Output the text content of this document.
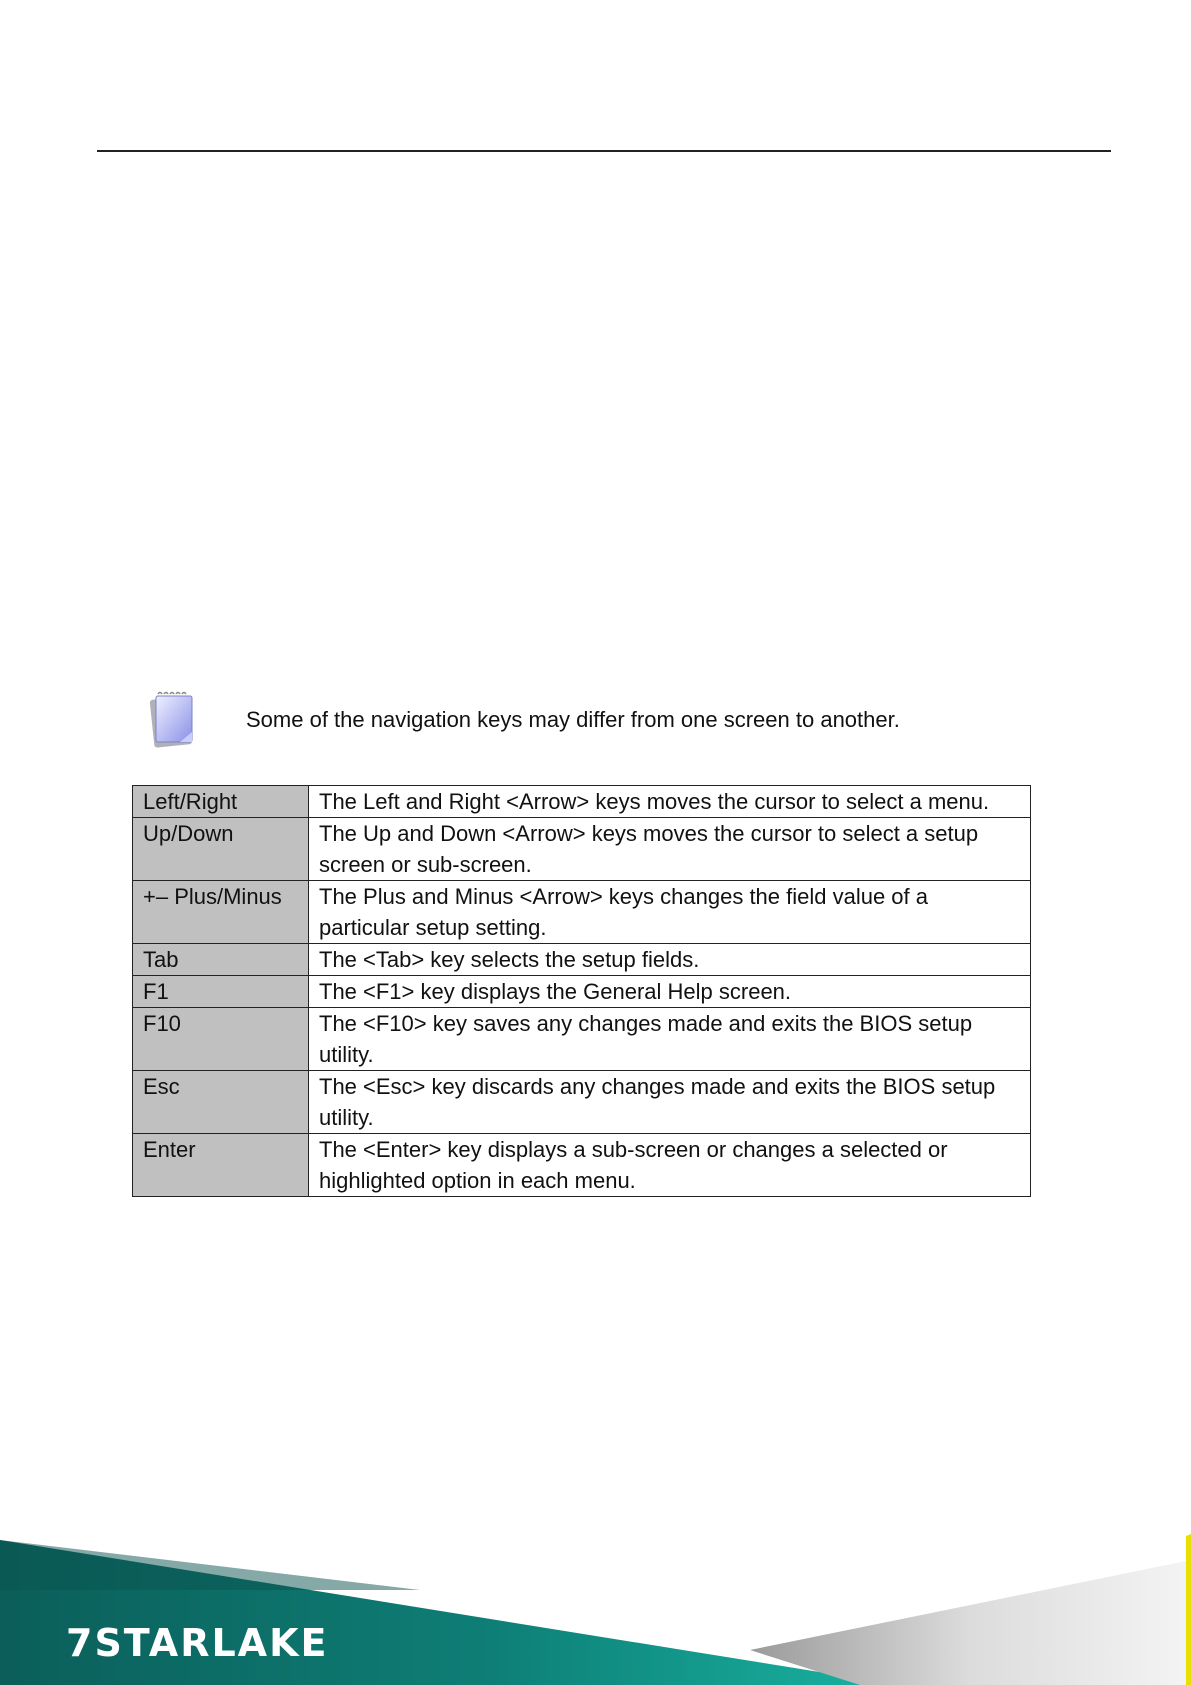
Some of the navigation keys may differ from one screen to another.
Left/Right	The Left and Right <Arrow> keys moves the cursor to select a menu.
Up/Down	The Up and Down <Arrow> keys moves the cursor to select a setup screen or sub-screen.
+– Plus/Minus	The Plus and Minus <Arrow> keys changes the field value of a particular setup setting.
Tab	The <Tab> key selects the setup fields.
F1	The <F1> key displays the General Help screen.
F10	The <F10> key saves any changes made and exits the BIOS setup utility.
Esc	The <Esc> key discards any changes made and exits the BIOS setup utility.
Enter	The <Enter> key displays a sub-screen or changes a selected or highlighted option in each menu.
7STARLAKE
